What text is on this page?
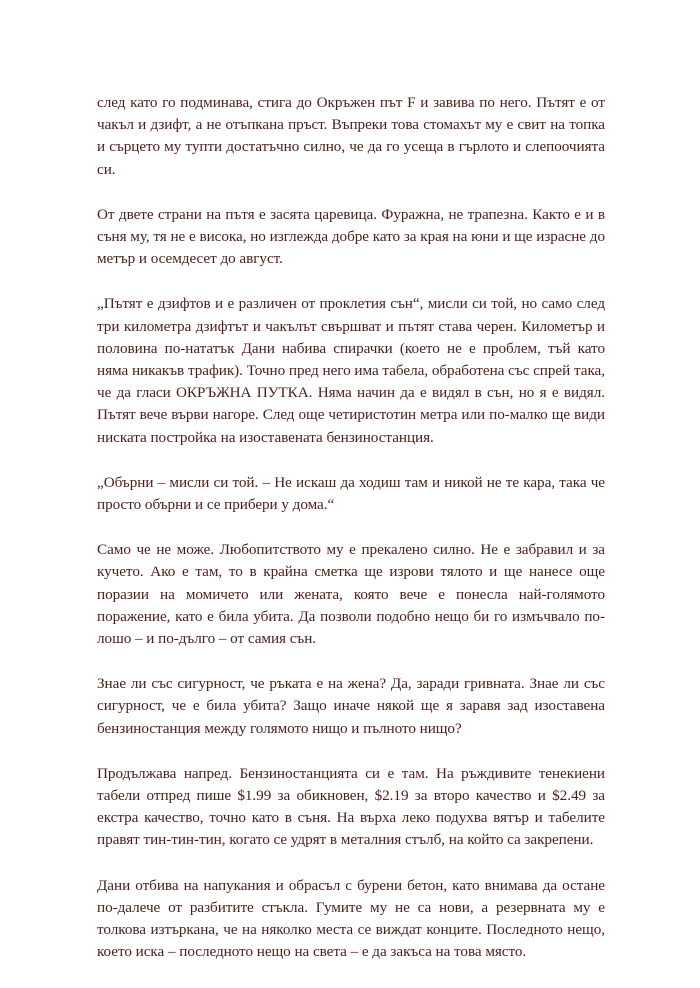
след като го подминава, стига до Окръжен път F и завива по него. Пътят е от чакъл и дзифт, а не отъпкана пръст. Въпреки това стомахът му е свит на топка и сърцето му тупти достатъчно силно, че да го усеща в гърлото и слепоочията си.

От двете страни на пътя е засята царевица. Фуражна, не трапезна. Както е и в съня му, тя не е висока, но изглежда добре като за края на юни и ще израсне до метър и осемдесет до август.

„Пътят е дзифтов и е различен от проклетия сън“, мисли си той, но само след три километра дзифтът и чакълът свършват и пътят става черен. Километър и половина по-нататък Дани набива спирачки (което не е проблем, тъй като няма никакъв трафик). Точно пред него има табела, обработена със спрей така, че да гласи ОКРЪЖНА ПУТКА. Няма начин да е видял в сън, но я е видял. Пътят вече върви нагоре. След още четиристотин метра или по-малко ще види ниската постройка на изоставената бензиностанция.

„Обърни – мисли си той. – Не искаш да ходиш там и никой не те кара, така че просто обърни и се прибери у дома.“

Само че не може. Любопитството му е прекалено силно. Не е забравил и за кучето. Ако е там, то в крайна сметка ще изрови тялото и ще нанесе още поразии на момичето или жената, която вече е понесла най-голямото поражение, като е била убита. Да позволи подобно нещо би го измъчвало по-лошо – и по-дълго – от самия сън.

Знае ли със сигурност, че ръката е на жена? Да, заради гривната. Знае ли със сигурност, че е била убита? Защо иначе някой ще я заравя зад изоставена бензиностанция между голямото нищо и пълното нищо?

Продължава напред. Бензиностанцията си е там. На ръждивите тенекиени табели отпред пише $1.99 за обикновен, $2.19 за второ качество и $2.49 за екстра качество, точно като в съня. На върха леко подухва вятър и табелите правят тин-тин-тин, когато се удрят в металния стълб, на който са закрепени.

Дани отбива на напукания и обрасъл с бурени бетон, като внимава да остане по-далече от разбитите стъкла. Гумите му не са нови, а резервната му е толкова изтъркана, че на няколко места се виждат конците. Последното нещо, което иска – последното нещо на света – е да закъса на това място.
